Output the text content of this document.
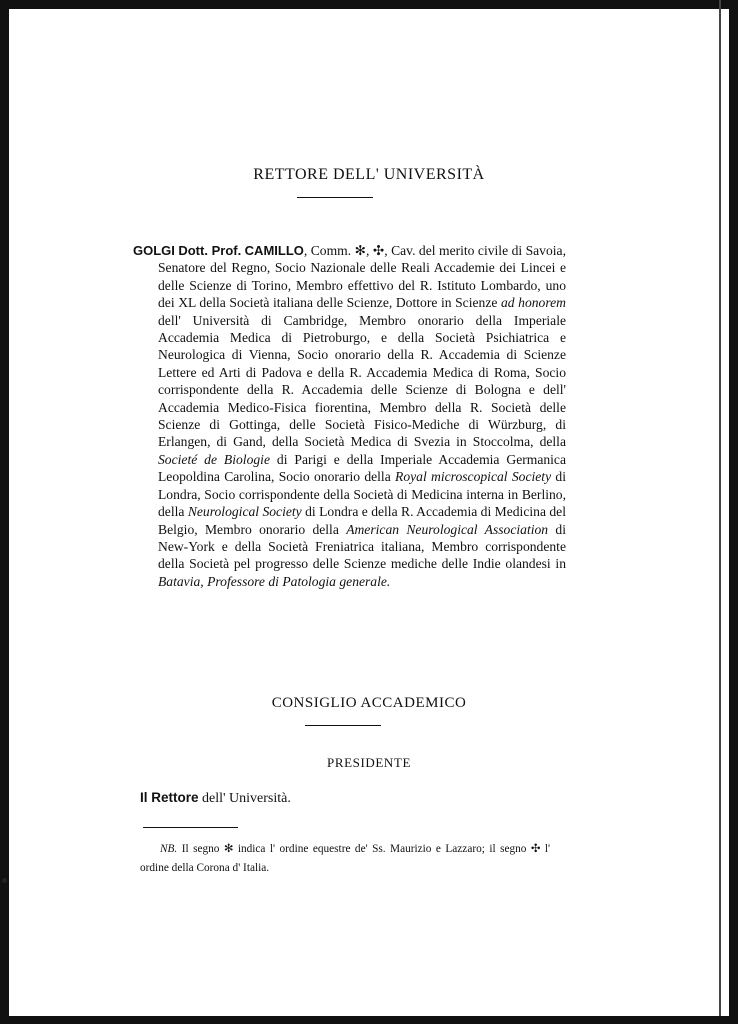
RETTORE DELL' UNIVERSITÀ
GOLGI Dott. Prof. CAMILLO, Comm. ✻, ✣, Cav. del merito civile di Savoia, Senatore del Regno, Socio Nazionale delle Reali Accademie dei Lincei e delle Scienze di Torino, Membro effettivo del R. Istituto Lombardo, uno dei XL della Società italiana delle Scienze, Dottore in Scienze ad honorem dell' Università di Cambridge, Membro onorario della Imperiale Accademia Medica di Pietroburgo, e della Società Psichiatrica e Neurologica di Vienna, Socio onorario della R. Accademia di Scienze Lettere ed Arti di Padova e della R. Accademia Medica di Roma, Socio corrispondente della R. Accademia delle Scienze di Bologna e dell' Accademia Medico-Fisica fiorentina, Membro della R. Società delle Scienze di Gottinga, delle Società Fisico-Mediche di Würzburg, di Erlangen, di Gand, della Società Medica di Svezia in Stoccolma, della Societé de Biologie di Parigi e della Imperiale Accademia Germanica Leopoldina Carolina, Socio onorario della Royal microscopical Society di Londra, Socio corrispondente della Società di Medicina interna in Berlino, della Neurological Society di Londra e della R. Accademia di Medicina del Belgio, Membro onorario della American Neurological Association di New-York e della Società Freniatrica italiana, Membro corrispondente della Società pel progresso delle Scienze mediche delle Indie olandesi in Batavia, Professore di Patologia generale.
CONSIGLIO ACCADEMICO
PRESIDENTE
Il Rettore dell' Università.
NB. Il segno ✻ indica l' ordine equestre de' Ss. Maurizio e Lazzaro; il segno ✣ l' ordine della Corona d' Italia.
